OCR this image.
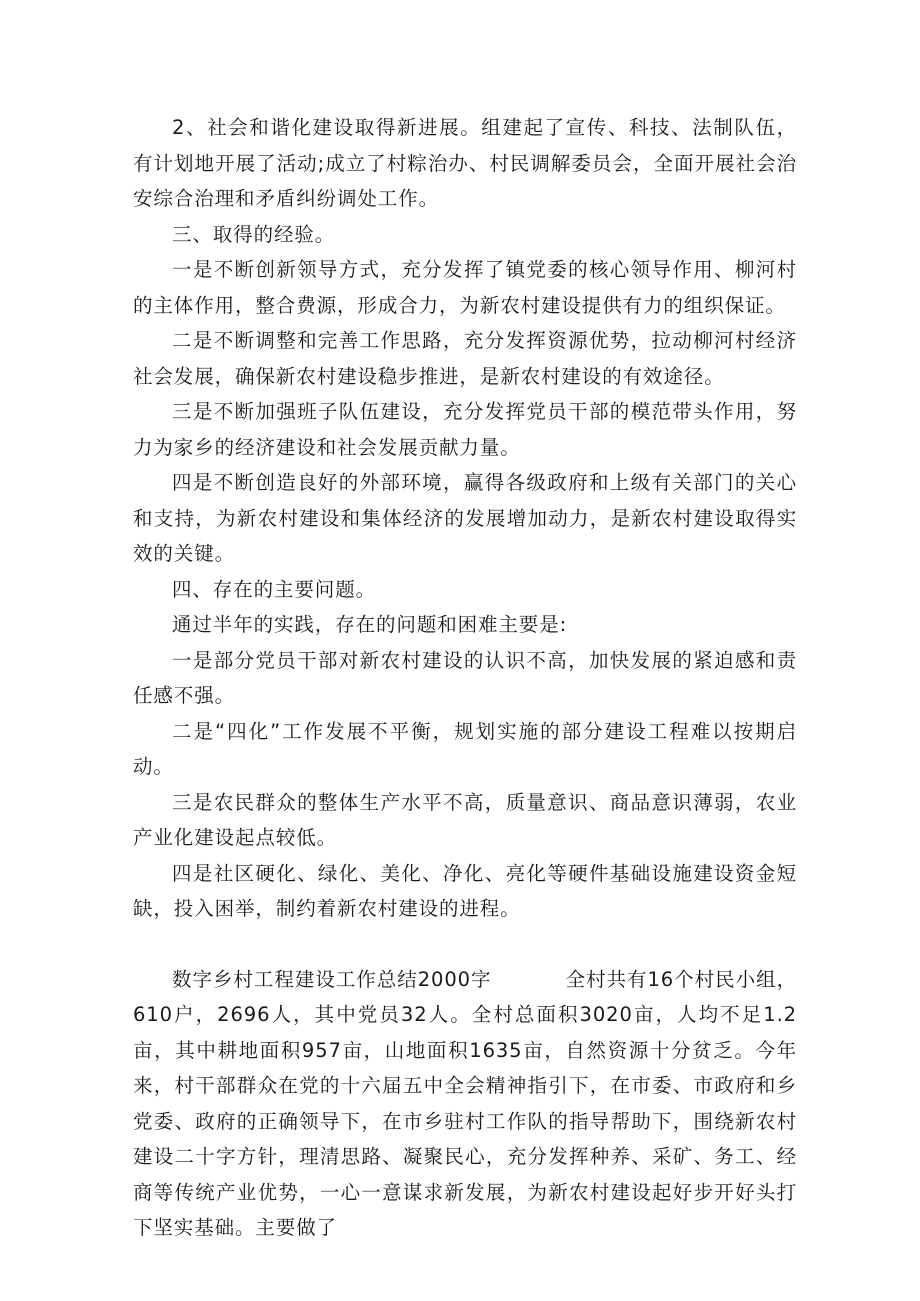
2、社会和谐化建设取得新进展。组建起了宣传、科技、法制队伍，有计划地开展了活动;成立了村粽治办、村民调解委员会，全面开展社会治安综合治理和矛盾纠纷调处工作。

三、取得的经验。

一是不断创新领导方式，充分发挥了镇党委的核心领导作用、柳河村的主体作用，整合费源，形成合力，为新农村建设提供有力的组织保证。

二是不断调整和完善工作思路，充分发挥资源优势，拉动柳河村经济社会发展，确保新农村建设稳步推进，是新农村建设的有效途径。

三是不断加强班子队伍建设，充分发挥党员干部的模范带头作用，努力为家乡的经济建设和社会发展贡献力量。

四是不断创造良好的外部环境，赢得各级政府和上级有关部门的关心和支持，为新农村建设和集体经济的发展增加动力，是新农村建设取得实效的关键。

四、存在的主要问题。

通过半年的实践，存在的问题和困难主要是:

一是部分党员干部对新农村建设的认识不高，加快发展的紧迫感和责任感不强。

二是“四化”工作发展不平衡，规划实施的部分建设工程难以按期启动。

三是农民群众的整体生产水平不高，质量意识、商品意识薄弱，农业产业化建设起点较低。

四是社区硬化、绿化、美化、净化、亮化等硬件基础设施建设资金短缺，投入困举，制约着新农村建设的进程。

数字乡村工程建设工作总结2000字	全村共有16个村民小组，610户，2696人，其中党员32人。全村总面积3020亩，人均不足1.2亩，其中耕地面积957亩，山地面积1635亩，自然资源十分贫乏。今年来，村干部群众在党的十六届五中全会精神指引下，在市委、市政府和乡党委、政府的正确领导下，在市乡驻村工作队的指导帮助下，围绕新农村建设二十字方针，理清思路、凝聚民心，充分发挥种养、采矿、务工、经商等传统产业优势，一心一意谋求新发展，为新农村建设起好步开好头打下坚实基础。主要做了
